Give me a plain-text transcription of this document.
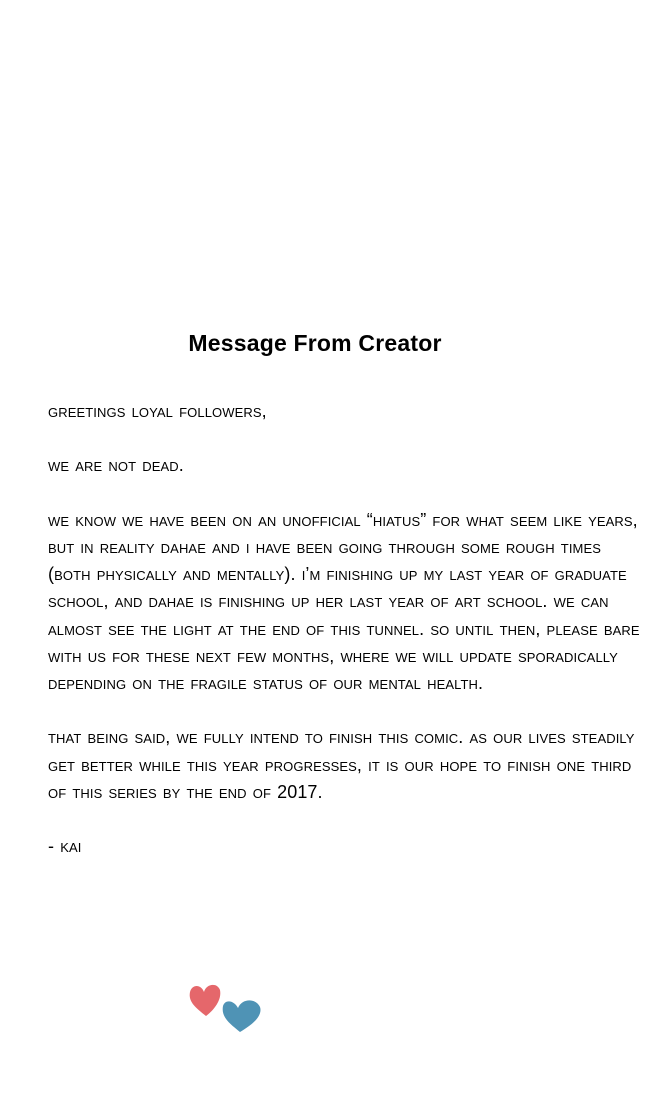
Message From Creator

greetings loyal followers,

we are not dead.

we know we have been on an unofficial “hiatus” for what seem like years, but in reality dahae and i have been going through some rough times (both physically and mentally). i’m finishing up my last year of graduate school, and dahae is finishing up her last year of art school. we can almost see the light at the end of this tunnel. so until then, please bare with us for these next few months, where we will update sporadically depending on the fragile status of our mental health.

that being said, we fully intend to finish this comic. as our lives steadily get better while this year progresses, it is our hope to finish one third of this series by the end of 2017.

- kai
